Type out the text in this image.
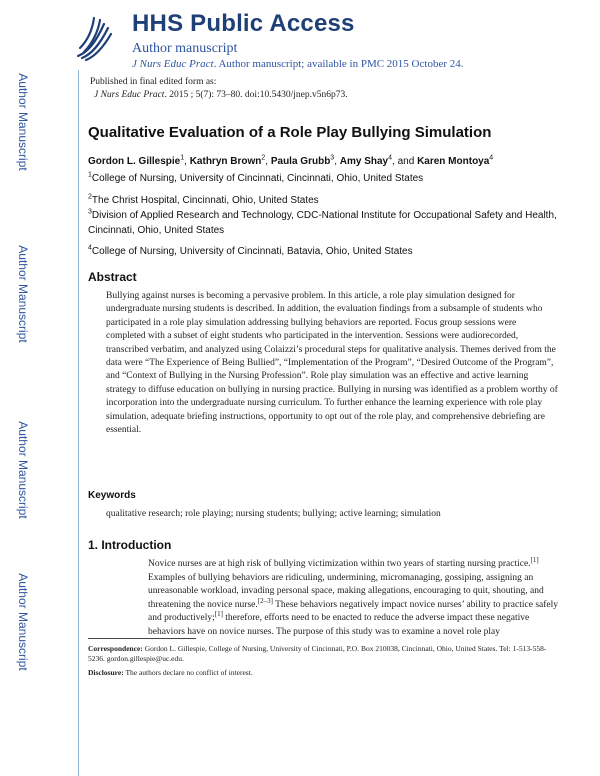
HHS Public Access
Author manuscript
J Nurs Educ Pract. Author manuscript; available in PMC 2015 October 24.
Author Manuscript
Author Manuscript
Author Manuscript
Author Manuscript
Published in final edited form as:
J Nurs Educ Pract. 2015 ; 5(7): 73–80. doi:10.5430/jnep.v5n6p73.
Qualitative Evaluation of a Role Play Bullying Simulation
Gordon L. Gillespie$^1$, Kathryn Brown$^2$, Paula Grubb$^3$, Amy Shay$^4$, and Karen Montoya$^4$
$^1$College of Nursing, University of Cincinnati, Cincinnati, Ohio, United States
$^2$The Christ Hospital, Cincinnati, Ohio, United States
$^3$Division of Applied Research and Technology, CDC-National Institute for Occupational Safety and Health, Cincinnati, Ohio, United States
$^4$College of Nursing, University of Cincinnati, Batavia, Ohio, United States
Abstract
Bullying against nurses is becoming a pervasive problem. In this article, a role play simulation designed for undergraduate nursing students is described. In addition, the evaluation findings from a subsample of students who participated in a role play simulation addressing bullying behaviors are reported. Focus group sessions were completed with a subset of eight students who participated in the intervention. Sessions were audiorecorded, transcribed verbatim, and analyzed using Colaizzi’s procedural steps for qualitative analysis. Themes derived from the data were “The Experience of Being Bullied”, “Implementation of the Program”, “Desired Outcome of the Program”, and “Context of Bullying in the Nursing Profession”. Role play simulation was an effective and active learning strategy to diffuse education on bullying in nursing practice. Bullying in nursing was identified as a problem worthy of incorporation into the undergraduate nursing curriculum. To further enhance the learning experience with role play simulation, adequate briefing instructions, opportunity to opt out of the role play, and comprehensive debriefing are essential.
Keywords
qualitative research; role playing; nursing students; bullying; active learning; simulation
1. Introduction
Novice nurses are at high risk of bullying victimization within two years of starting nursing practice.[1] Examples of bullying behaviors are ridiculing, undermining, micromanaging, gossiping, assigning an unreasonable workload, invading personal space, making allegations, encouraging to quit, shouting, and threatening the novice nurse.[2–3] These behaviors negatively impact novice nurses’ ability to practice safely and productively;[1] therefore, efforts need to be enacted to reduce the adverse impact these negative behaviors have on novice nurses. The purpose of this study was to examine a novel role play
Correspondence: Gordon L. Gillespie, College of Nursing, University of Cincinnati, P.O. Box 210038, Cincinnati, Ohio, United States. Tel: 1-513-558-5236. gordon.gillespie@uc.edu.
Disclosure: The authors declare no conflict of interest.
